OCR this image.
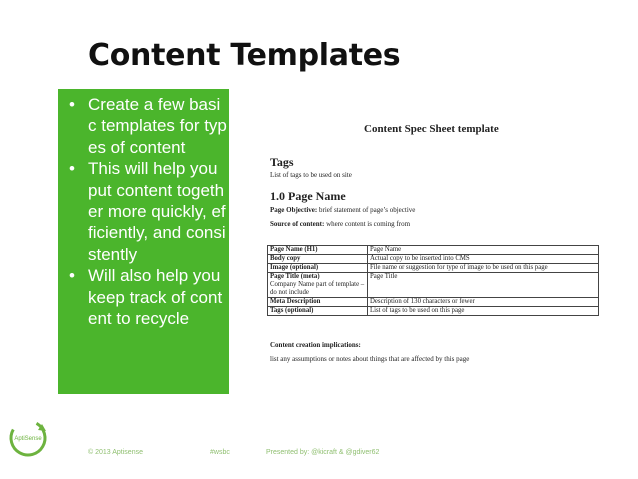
Content Templates
• Create a few basic templates for types of content
• This will help you put content together more quickly, efficiently, and consistently
• Will also help you keep track of content to recycle
Content Spec Sheet template
Tags
List of tags to be used on site
1.0 Page Name
Page Objective: brief statement of page’s objective
Source of content: where content is coming from
Page Name (H1)	Page Name
Body copy	Actual copy to be inserted into CMS
Image (optional)	File name or suggestion for type of image to be used on this page

Page Title (meta)
Company Name part of template – do not include	Page Title
Meta Description	Description of 130 characters or fewer
Tags (optional)	List of tags to be used on this page
Content creation implications:
list any assumptions or notes about things that are affected by this page
AptiSense
© 2013 Aptisense	#wsbc	Presented by: @kicraft & @gdiver62
